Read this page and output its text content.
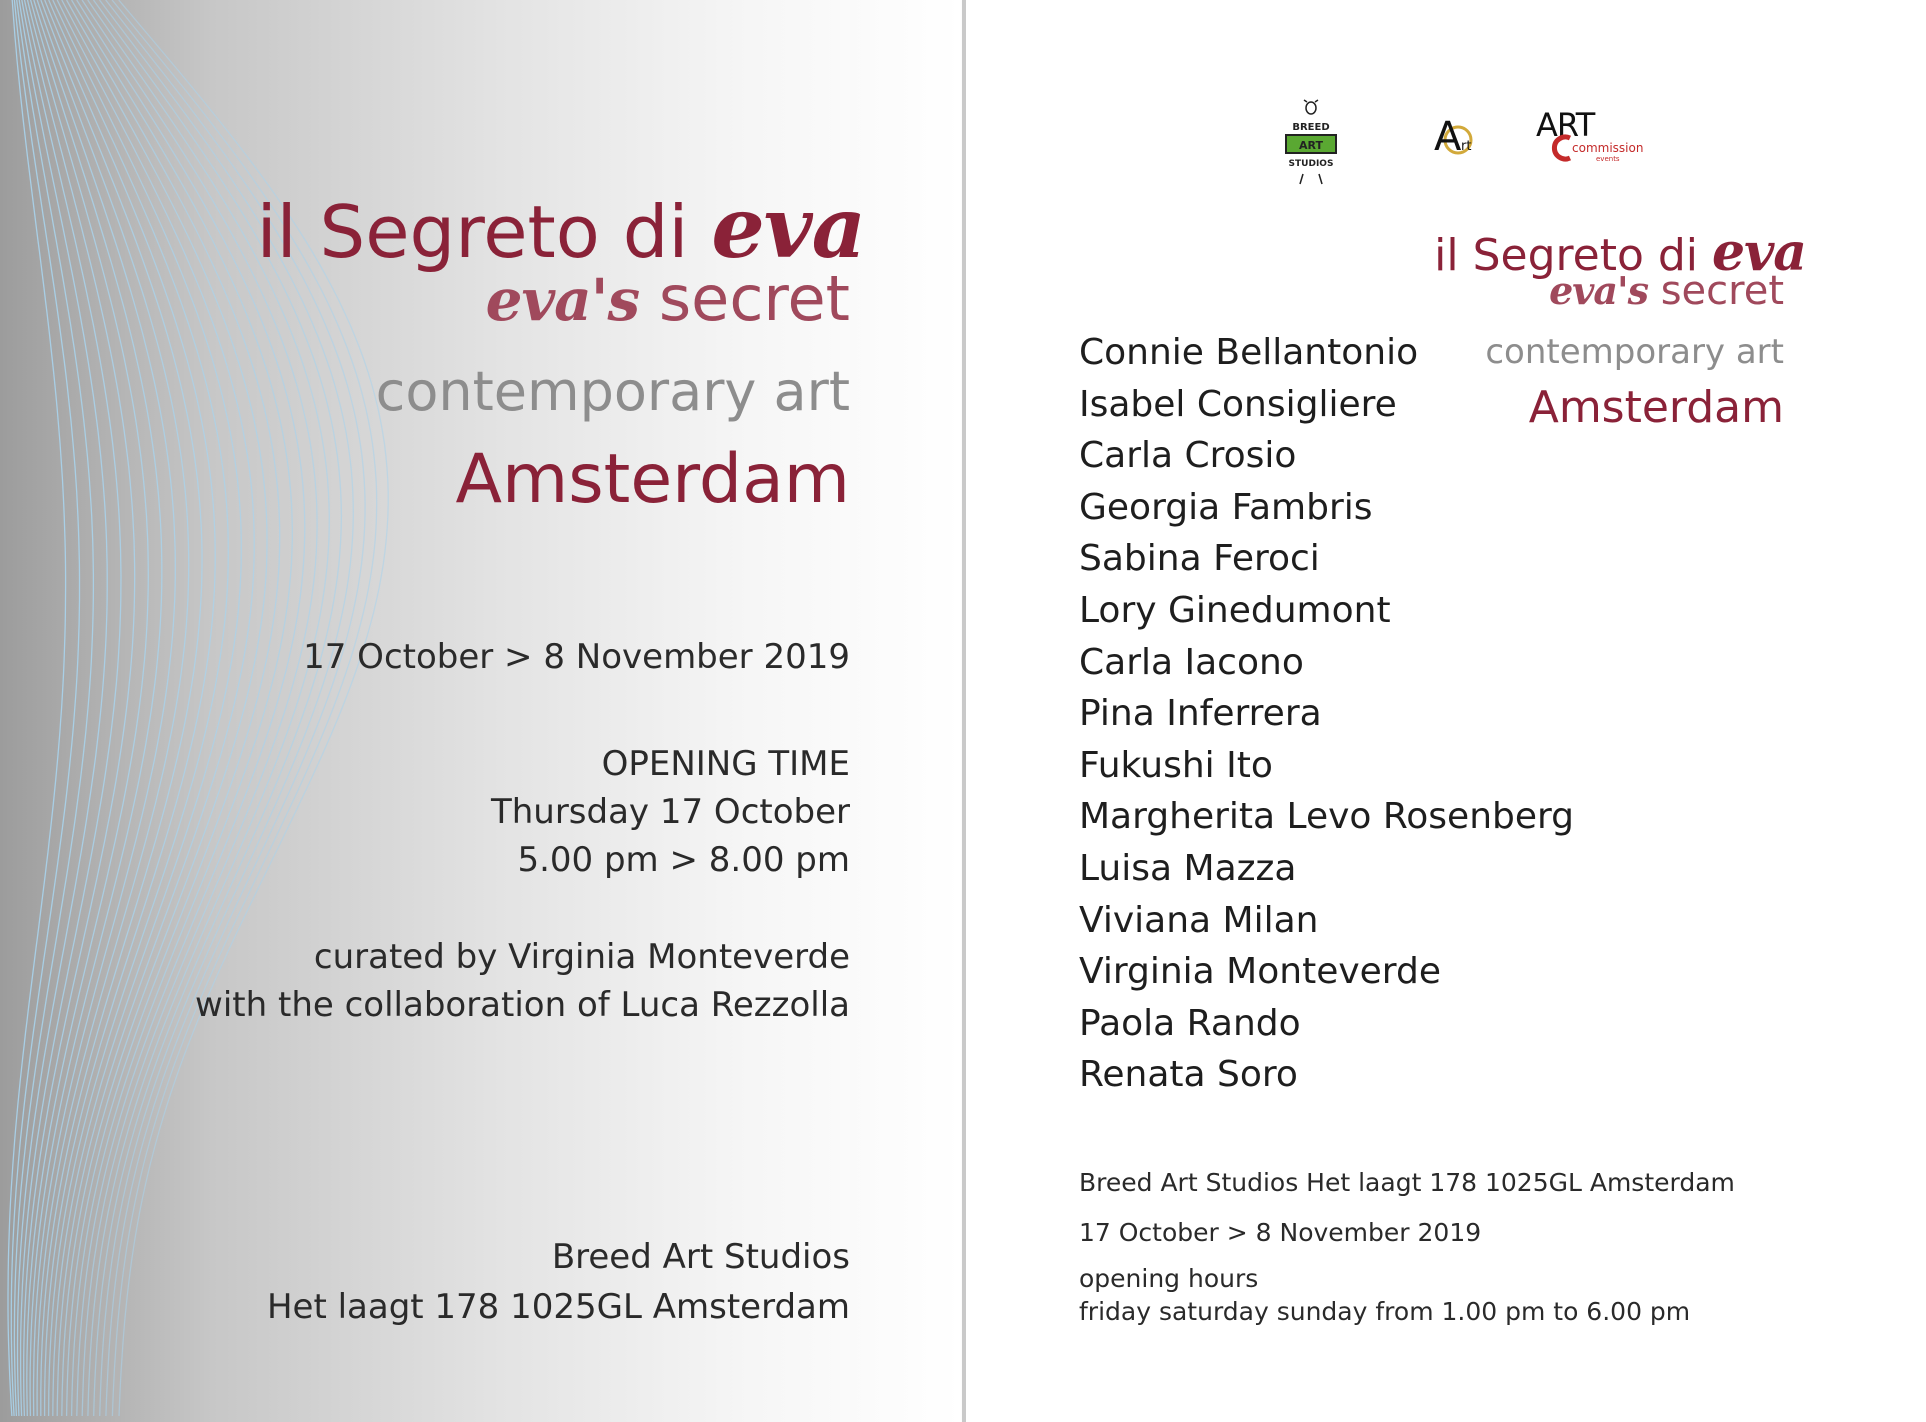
il Segreto di eva
eva's secret
contemporary art
Amsterdam
17 October > 8 November 2019
OPENING TIME
Thursday 17 October
5.00 pm > 8.00 pm
curated by Virginia Monteverde
with the collaboration of Luca Rezzolla
Breed Art Studios
Het laagt 178 1025GL Amsterdam
BREED
ART
STUDIOS
A rt
ART
commission
events
il Segreto di eva
eva's secret
contemporary art
Amsterdam
Connie Bellantonio
Isabel Consigliere
Carla Crosio
Georgia Fambris
Sabina Feroci
Lory Ginedumont
Carla Iacono
Pina Inferrera
Fukushi Ito
Margherita Levo Rosenberg
Luisa Mazza
Viviana Milan
Virginia Monteverde
Paola Rando
Renata Soro
Breed Art Studios Het laagt 178 1025GL Amsterdam
17 October > 8 November 2019
opening hours
friday saturday sunday from 1.00 pm to 6.00 pm
